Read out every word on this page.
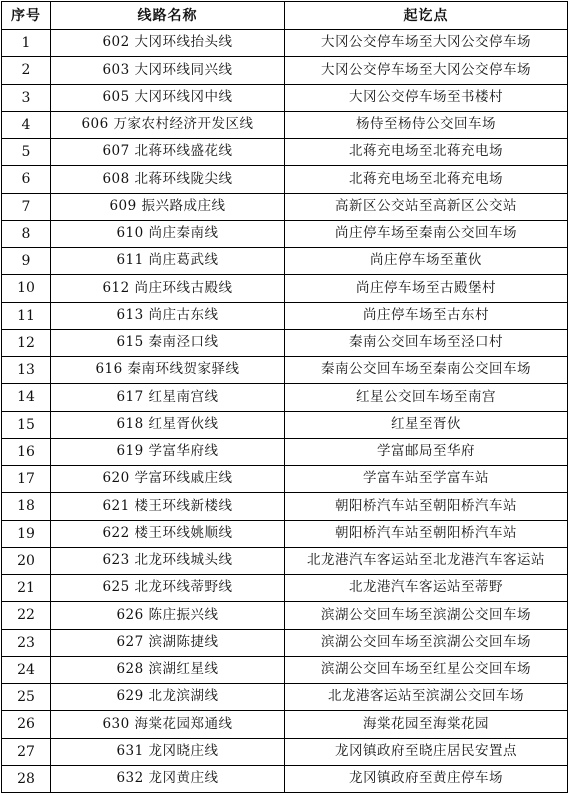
序号	线路名称	起讫点
1	602 大冈环线抬头线	大冈公交停车场至大冈公交停车场
2	603 大冈环线同兴线	大冈公交停车场至大冈公交停车场
3	605 大冈环线冈中线	大冈公交停车场至书楼村
4	606 万家农村经济开发区线	杨侍至杨侍公交回车场
5	607 北蒋环线盛花线	北蒋充电场至北蒋充电场
6	608 北蒋环线陇尖线	北蒋充电场至北蒋充电场
7	609 振兴路成庄线	高新区公交站至高新区公交站
8	610 尚庄秦南线	尚庄停车场至秦南公交回车场
9	611 尚庄葛武线	尚庄停车场至董伙
10	612 尚庄环线古殿线	尚庄停车场至古殿堡村
11	613 尚庄古东线	尚庄停车场至古东村
12	615 秦南泾口线	秦南公交回车场至泾口村
13	616 秦南环线贺家驿线	秦南公交回车场至秦南公交回车场
14	617 红星南宫线	红星公交回车场至南宫
15	618 红星胥伙线	红星至胥伙
16	619 学富华府线	学富邮局至华府
17	620 学富环线戚庄线	学富车站至学富车站
18	621 楼王环线新楼线	朝阳桥汽车站至朝阳桥汽车站
19	622 楼王环线姚顺线	朝阳桥汽车站至朝阳桥汽车站
20	623 北龙环线城头线	北龙港汽车客运站至北龙港汽车客运站
21	625 北龙环线蒂野线	北龙港汽车客运站至蒂野
22	626 陈庄振兴线	滨湖公交回车场至滨湖公交回车场
23	627 滨湖陈捷线	滨湖公交回车场至滨湖公交回车场
24	628 滨湖红星线	滨湖公交回车场至红星公交回车场
25	629 北龙滨湖线	北龙港客运站至滨湖公交回车场
26	630 海棠花园郑通线	海棠花园至海棠花园
27	631 龙冈晓庄线	龙冈镇政府至晓庄居民安置点
28	632 龙冈黄庄线	龙冈镇政府至黄庄停车场
